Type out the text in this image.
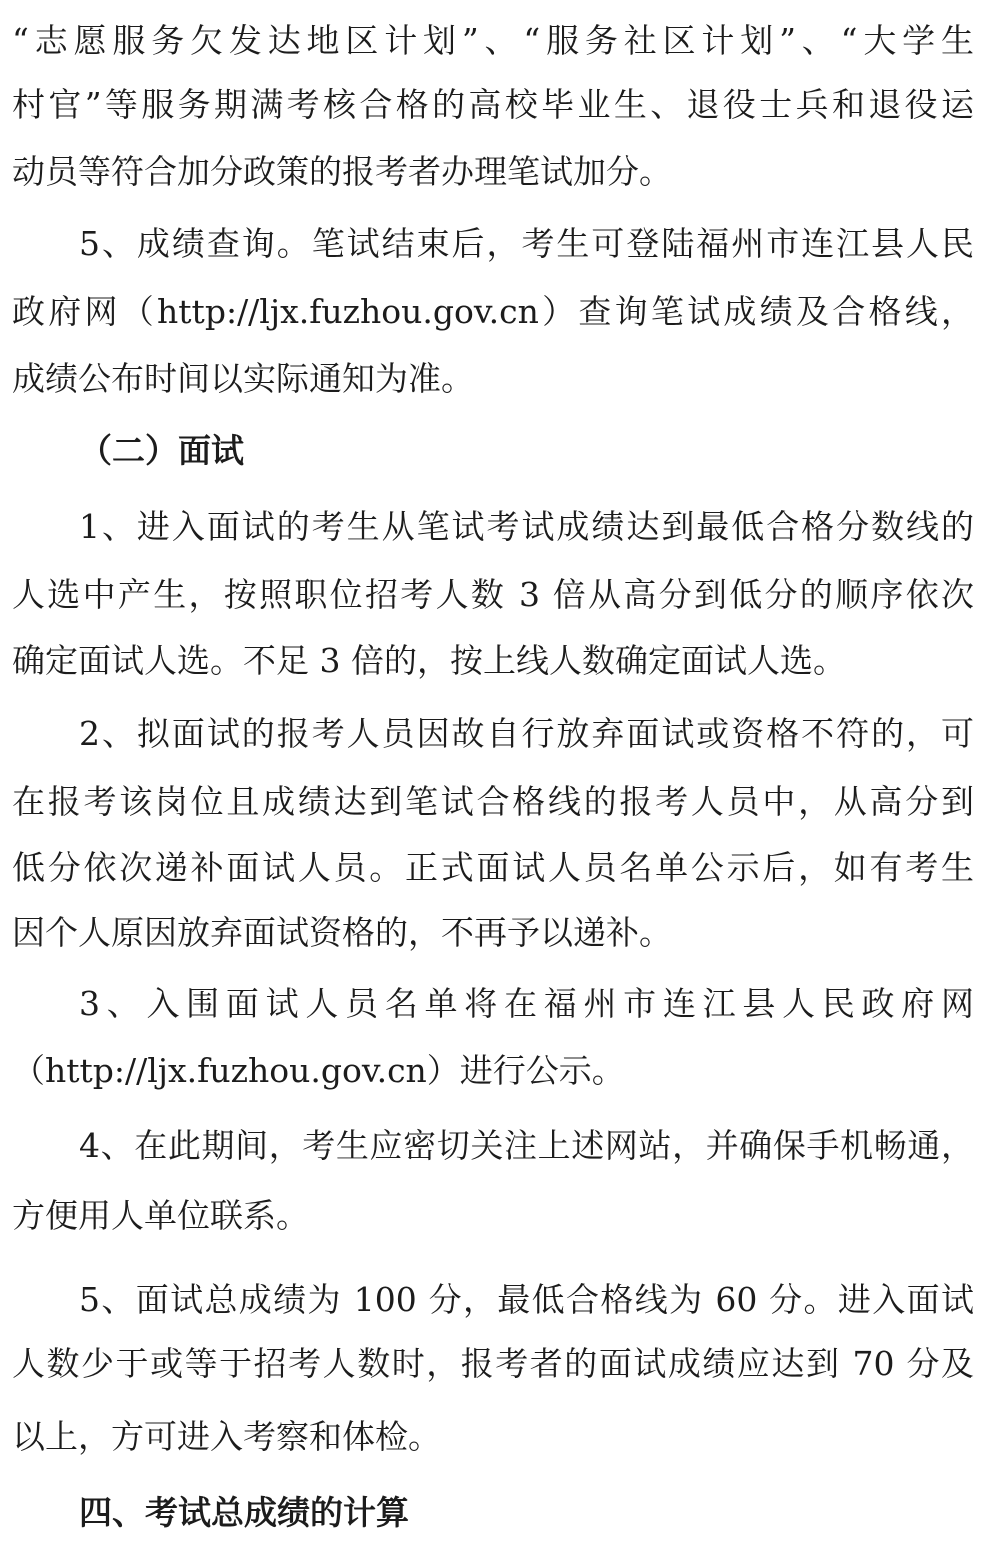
“志愿服务欠发达地区计划”、“服务社区计划”、“大学生
村官”等服务期满考核合格的高校毕业生、退役士兵和退役运
动员等符合加分政策的报考者办理笔试加分。
5、成绩查询。笔试结束后，考生可登陆福州市连江县人民
政府网（http://ljx.fuzhou.gov.cn）查询笔试成绩及合格线，
成绩公布时间以实际通知为准。
（二）面试
1、进入面试的考生从笔试考试成绩达到最低合格分数线的
人选中产生，按照职位招考人数 3 倍从高分到低分的顺序依次
确定面试人选。不足 3 倍的，按上线人数确定面试人选。
2、拟面试的报考人员因故自行放弃面试或资格不符的，可
在报考该岗位且成绩达到笔试合格线的报考人员中，从高分到
低分依次递补面试人员。正式面试人员名单公示后，如有考生
因个人原因放弃面试资格的，不再予以递补。
3、入围面试人员名单将在福州市连江县人民政府网
（http://ljx.fuzhou.gov.cn）进行公示。
4、在此期间，考生应密切关注上述网站，并确保手机畅通，
方便用人单位联系。
5、面试总成绩为 100 分，最低合格线为 60 分。进入面试
人数少于或等于招考人数时，报考者的面试成绩应达到 70 分及
以上，方可进入考察和体检。
四、考试总成绩的计算
